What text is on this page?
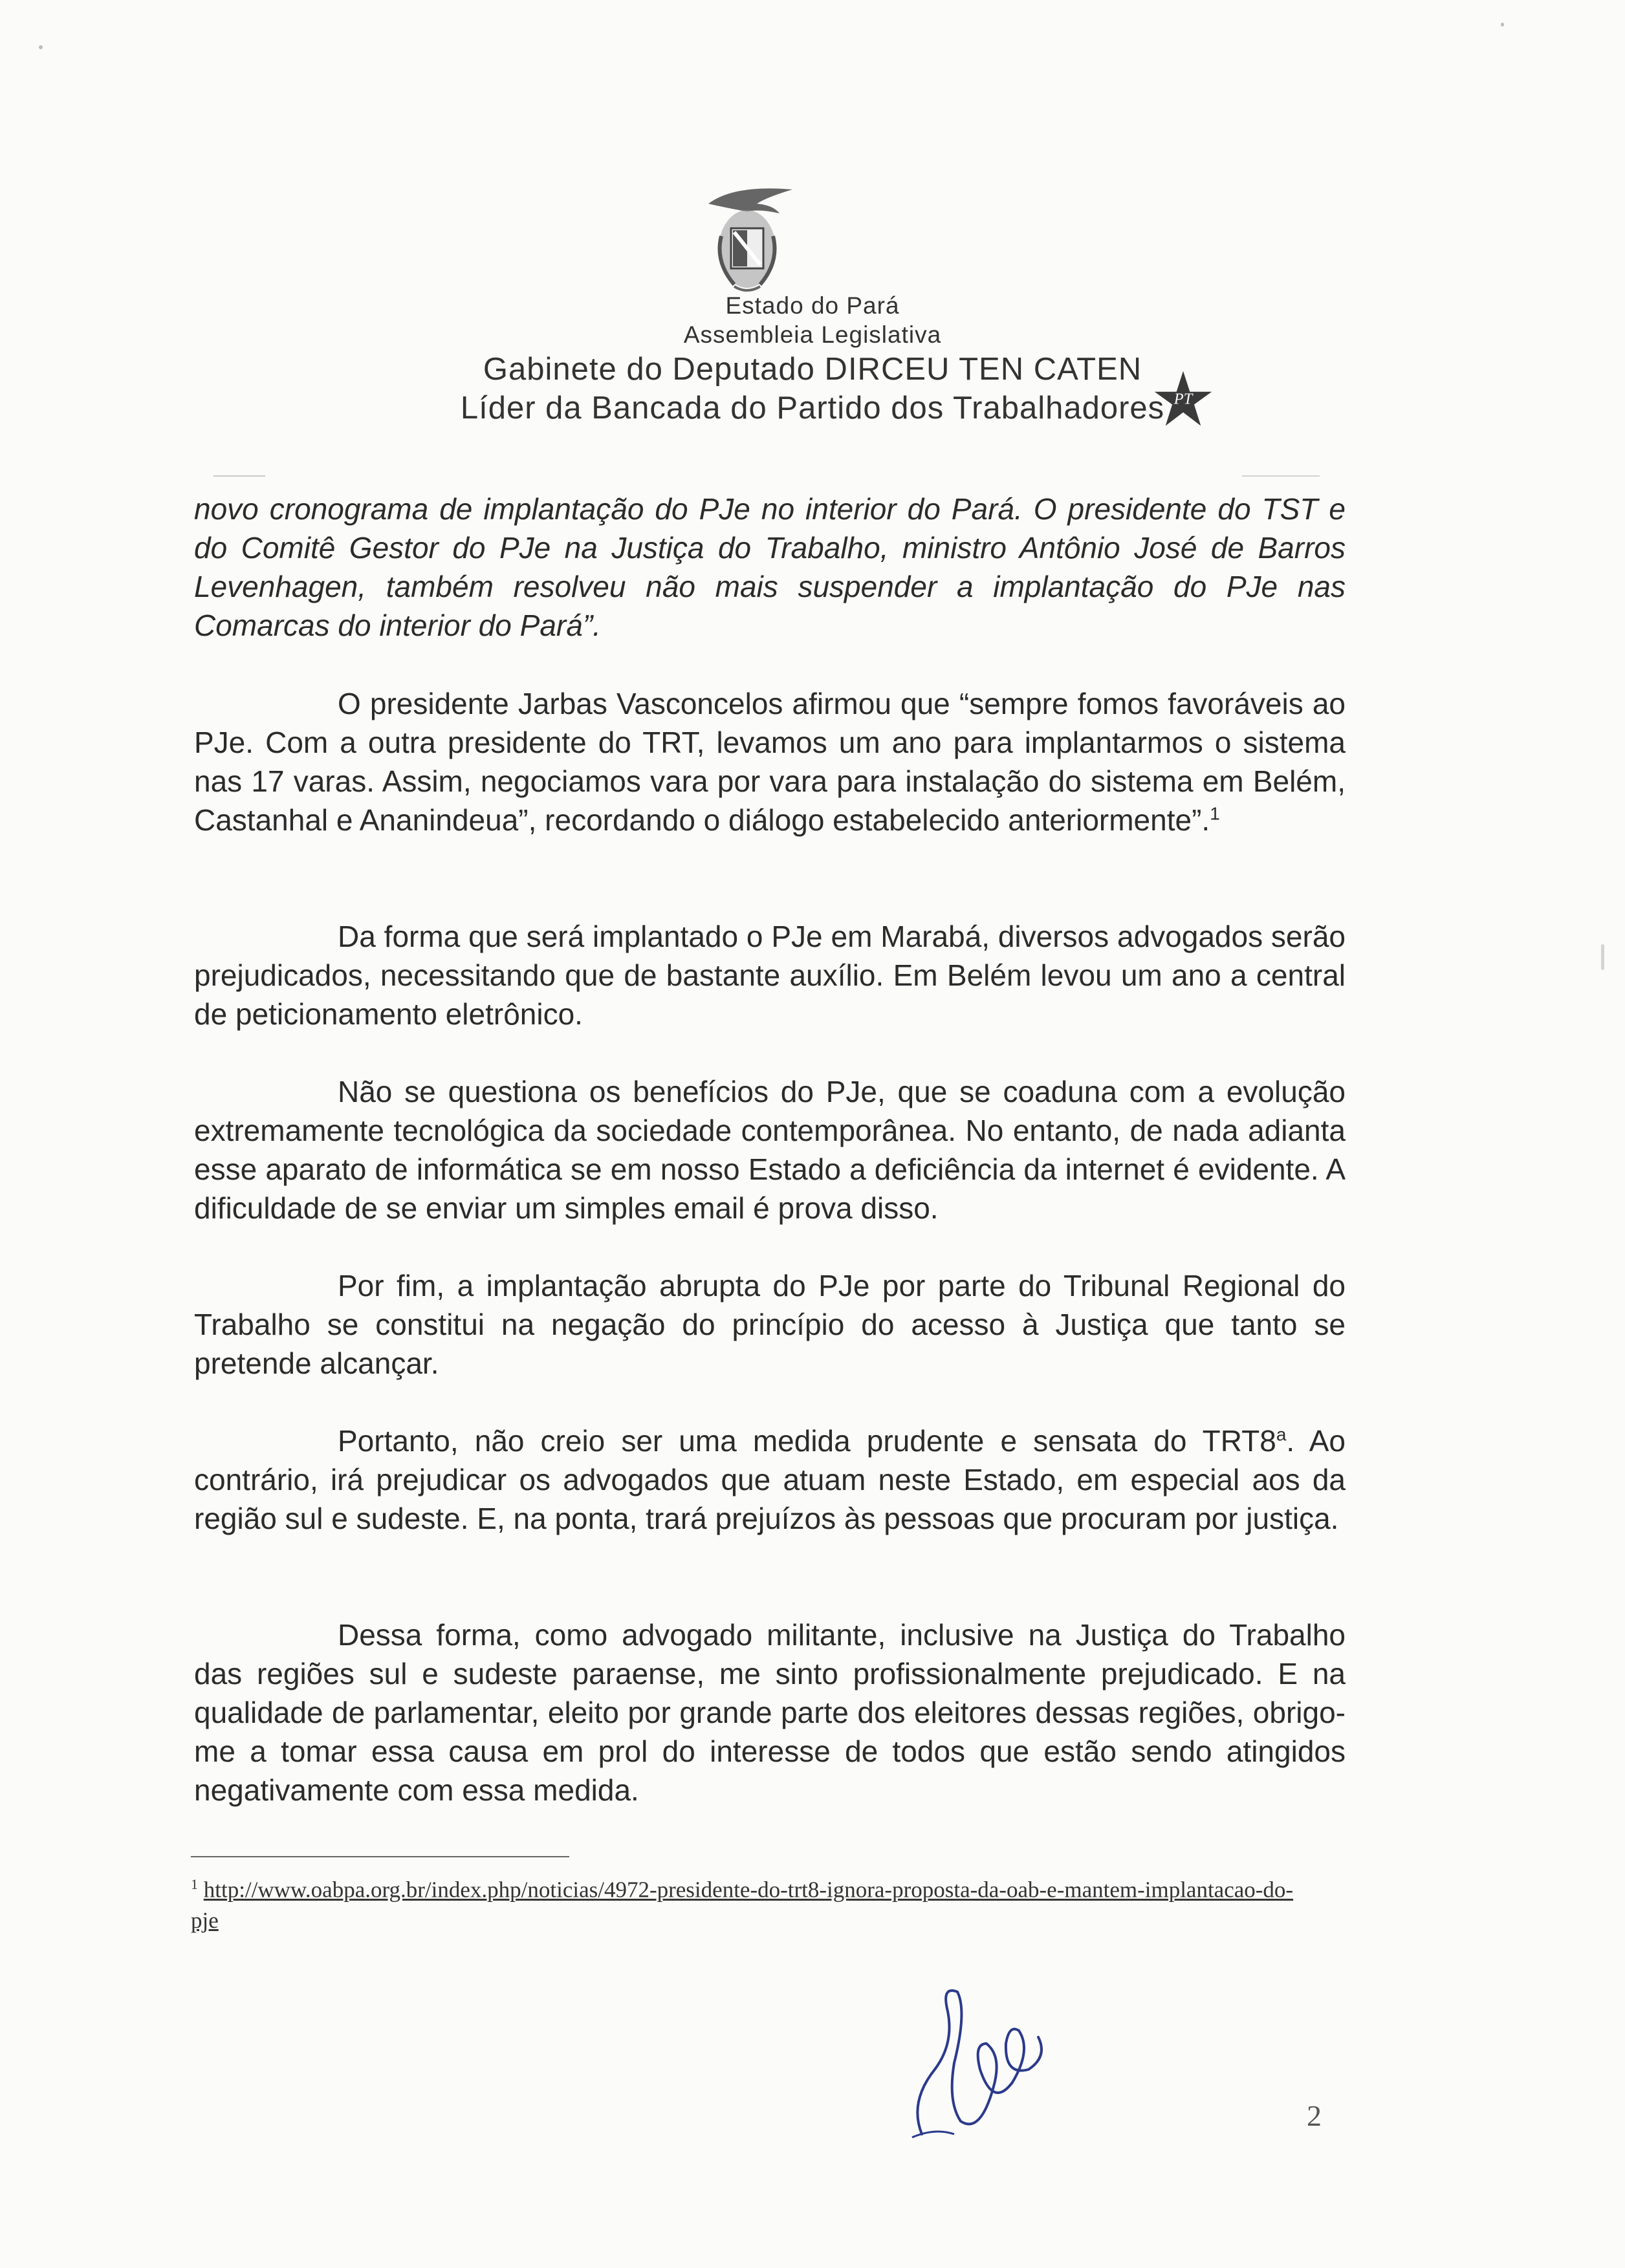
Estado do Pará
Assembleia Legislativa
Gabinete do Deputado DIRCEU TEN CATEN
Líder da Bancada do Partido dos Trabalhadores PT

novo cronograma de implantação do PJe no interior do Pará. O presidente do TST e do Comitê Gestor do PJe na Justiça do Trabalho, ministro Antônio José de Barros Levenhagen, também resolveu não mais suspender a implantação do PJe nas Comarcas do interior do Pará”.

O presidente Jarbas Vasconcelos afirmou que “sempre fomos favoráveis ao PJe. Com a outra presidente do TRT, levamos um ano para implantarmos o sistema nas 17 varas. Assim, negociamos vara por vara para instalação do sistema em Belém, Castanhal e Ananindeua”, recordando o diálogo estabelecido anteriormente”.$^1$

Da forma que será implantado o PJe em Marabá, diversos advogados serão prejudicados, necessitando que de bastante auxílio. Em Belém levou um ano a central de peticionamento eletrônico.

Não se questiona os benefícios do PJe, que se coaduna com a evolução extremamente tecnológica da sociedade contemporânea. No entanto, de nada adianta esse aparato de informática se em nosso Estado a deficiência da internet é evidente. A dificuldade de se enviar um simples email é prova disso.

Por fim, a implantação abrupta do PJe por parte do Tribunal Regional do Trabalho se constitui na negação do princípio do acesso à Justiça que tanto se pretende alcançar.

Portanto, não creio ser uma medida prudente e sensata do TRT8$^a$. Ao contrário, irá prejudicar os advogados que atuam neste Estado, em especial aos da região sul e sudeste. E, na ponta, trará prejuízos às pessoas que procuram por justiça.

Dessa forma, como advogado militante, inclusive na Justiça do Trabalho das regiões sul e sudeste paraense, me sinto profissionalmente prejudicado. E na qualidade de parlamentar, eleito por grande parte dos eleitores dessas regiões, obrigo-me a tomar essa causa em prol do interesse de todos que estão sendo atingidos negativamente com essa medida.

$^1$ http://www.oabpa.org.br/index.php/noticias/4972-presidente-do-trt8-ignora-proposta-da-oab-e-mantem-implantacao-do-pje
2
